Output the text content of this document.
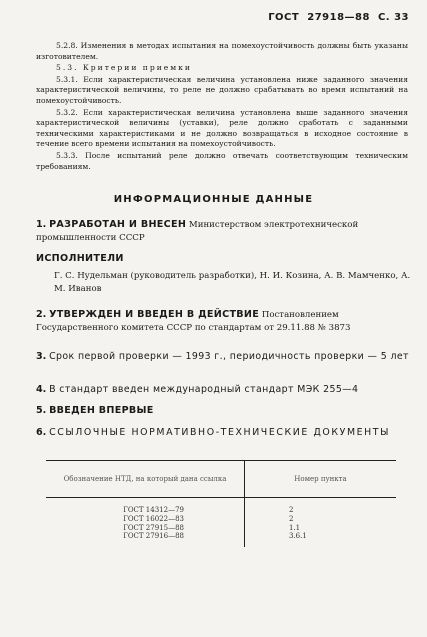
ГОСТ 27918—88 С. 33

5.2.8. Изменения в методах испытания на помехоустойчивость должны быть указаны изготовителем.

5.3. Критерии приемки

5.3.1. Если характеристическая величина установлена ниже заданного значения характеристической величины, то реле не должно срабатывать во время испытаний на помехоустойчивость.

5.3.2. Если характеристическая величина установлена выше заданного значения характеристической величины (уставки), реле должно сработать с заданными техническими характеристиками и не должно возвращаться в исходное состояние в течение всего времени испытания на помехоустойчивость.

5.3.3. После испытаний реле должно отвечать соответствующим техническим требованиям.

ИНФОРМАЦИОННЫЕ ДАННЫЕ
1. РАЗРАБОТАН И ВНЕСЕН Министерством электротехнической промышленности СССР
ИСПОЛНИТЕЛИ
Г. С. Нудельман (руководитель разработки), Н. И. Козина, А. В. Мамченко, А. М. Иванов
2. УТВЕРЖДЕН И ВВЕДЕН В ДЕЙСТВИЕ Постановлением Государственного комитета СССР по стандартам от 29.11.88 № 3873
3. Срок первой проверки — 1993 г., периодичность проверки — 5 лет
4. В стандарт введен международный стандарт МЭК 255—4
5. ВВЕДЕН ВПЕРВЫЕ
6. ССЫЛОЧНЫЕ НОРМАТИВНО-ТЕХНИЧЕСКИЕ ДОКУМЕНТЫ
Обозначение НТД, на который дана ссылка	Номер пункта
ГОСТ 14312—79	2
ГОСТ 16022—83	2
ГОСТ 27915—88	1.1
ГОСТ 27916—88	3.6.1
